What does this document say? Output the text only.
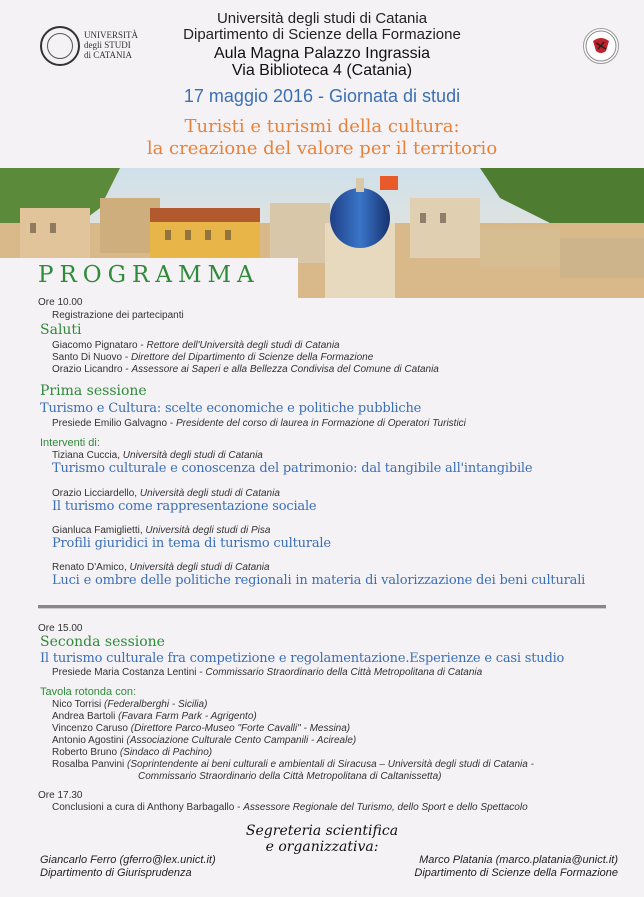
Università degli studi di Catania
Dipartimento di Scienze della Formazione
Aula Magna Palazzo Ingrassia
Via Biblioteca 4 (Catania)
17 maggio 2016 - Giornata di studi
Turisti e turismi della cultura:
la creazione del valore per il territorio
UNIVERSITÀ
degli STUDI
di CATANIA
PROGRAMMA
Ore 10.00
Registrazione dei partecipanti
Saluti
Giacomo Pignataro - Rettore dell'Università degli studi di Catania
Santo Di Nuovo - Direttore del Dipartimento di Scienze della Formazione
Orazio Licandro - Assessore ai Saperi e alla Bellezza Condivisa del Comune di Catania
Prima sessione
Turismo e Cultura: scelte economiche e politiche pubbliche
Presiede Emilio Galvagno - Presidente del corso di laurea in Formazione di Operatori Turistici
Interventi di:
Tiziana Cuccia, Università degli studi di Catania
Turismo culturale e conoscenza del patrimonio: dal tangibile all'intangibile
Orazio Licciardello, Università degli studi di Catania
Il turismo come rappresentazione sociale
Gianluca Famiglietti, Università degli studi di Pisa
Profili giuridici in tema di turismo culturale
Renato D'Amico, Università degli studi di Catania
Luci e ombre delle politiche regionali in materia di valorizzazione dei beni culturali
Ore 15.00
Seconda sessione
Il turismo culturale fra competizione e regolamentazione.Esperienze e casi studio
Presiede Maria Costanza Lentini - Commissario Straordinario della Città Metropolitana di Catania
Tavola rotonda con:
Nico Torrisi (Federalberghi - Sicilia)
Andrea Bartoli (Favara Farm Park - Agrigento)
Vincenzo Caruso (Direttore Parco-Museo "Forte Cavalli" - Messina)
Antonio Agostini (Associazione Culturale Cento Campanili - Acireale)
Roberto Bruno (Sindaco di Pachino)
Rosalba Panvini (Soprintendente ai beni culturali e ambientali di Siracusa – Università degli studi di Catania -
Commissario Straordinario della Città Metropolitana di Caltanissetta)
Ore 17.30
Conclusioni a cura di Anthony Barbagallo - Assessore Regionale del Turismo, dello Sport e dello Spettacolo
Segreteria scientifica
e organizzativa:
Giancarlo Ferro (gferro@lex.unict.it)
Dipartimento di Giurisprudenza
Marco Platania (marco.platania@unict.it)
Dipartimento di Scienze della Formazione
